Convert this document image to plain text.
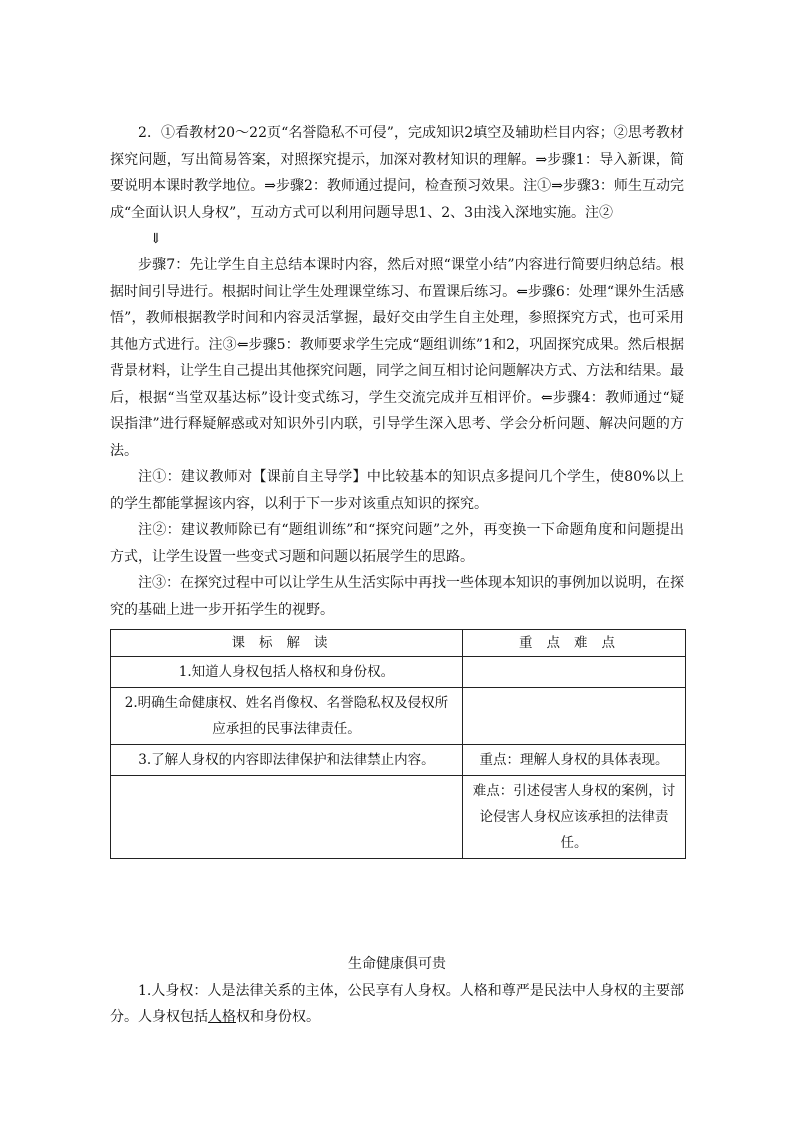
2．①看教材20～22页“名誉隐私不可侵”，完成知识2填空及辅助栏目内容；②思考教材探究问题，写出简易答案，对照探究提示，加深对教材知识的理解。⇒步骤1：导入新课，简要说明本课时教学地位。⇒步骤2：教师通过提问，检查预习效果。注①⇒步骤3：师生互动完成“全面认识人身权”，互动方式可以利用问题导思1、2、3由浅入深地实施。注②

⇓

步骤7：先让学生自主总结本课时内容，然后对照“课堂小结”内容进行简要归纳总结。根据时间引导进行。根据时间让学生处理课堂练习、布置课后练习。⇐步骤6：处理“课外生活感悟”，教师根据教学时间和内容灵活掌握，最好交由学生自主处理，参照探究方式，也可采用其他方式进行。注③⇐步骤5：教师要求学生完成“题组训练”1和2，巩固探究成果。然后根据背景材料，让学生自己提出其他探究问题，同学之间互相讨论问题解决方式、方法和结果。最后，根据“当堂双基达标”设计变式练习，学生交流完成并互相评价。⇐步骤4：教师通过“疑误指津”进行释疑解惑或对知识外引内联，引导学生深入思考、学会分析问题、解决问题的方法。

注①：建议教师对【课前自主导学】中比较基本的知识点多提问几个学生，使80%以上的学生都能掌握该内容，以利于下一步对该重点知识的探究。

注②：建议教师除已有“题组训练”和“探究问题”之外，再变换一下命题角度和问题提出方式，让学生设置一些变式习题和问题以拓展学生的思路。

注③：在探究过程中可以让学生从生活实际中再找一些体现本知识的事例加以说明，在探究的基础上进一步开拓学生的视野。

课标解读	重点难点
1.知道人身权包括人格权和身份权。	
2.明确生命健康权、姓名肖像权、名誉隐私权及侵权所应承担的民事法律责任。	
3.了解人身权的内容即法律保护和法律禁止内容。	重点：理解人身权的具体表现。
	难点：引述侵害人身权的案例，讨论侵害人身权应该承担的法律责任。

生命健康俱可贵

1.人身权：人是法律关系的主体，公民享有人身权。人格和尊严是民法中人身权的主要部分。人身权包括人格权和身份权。
